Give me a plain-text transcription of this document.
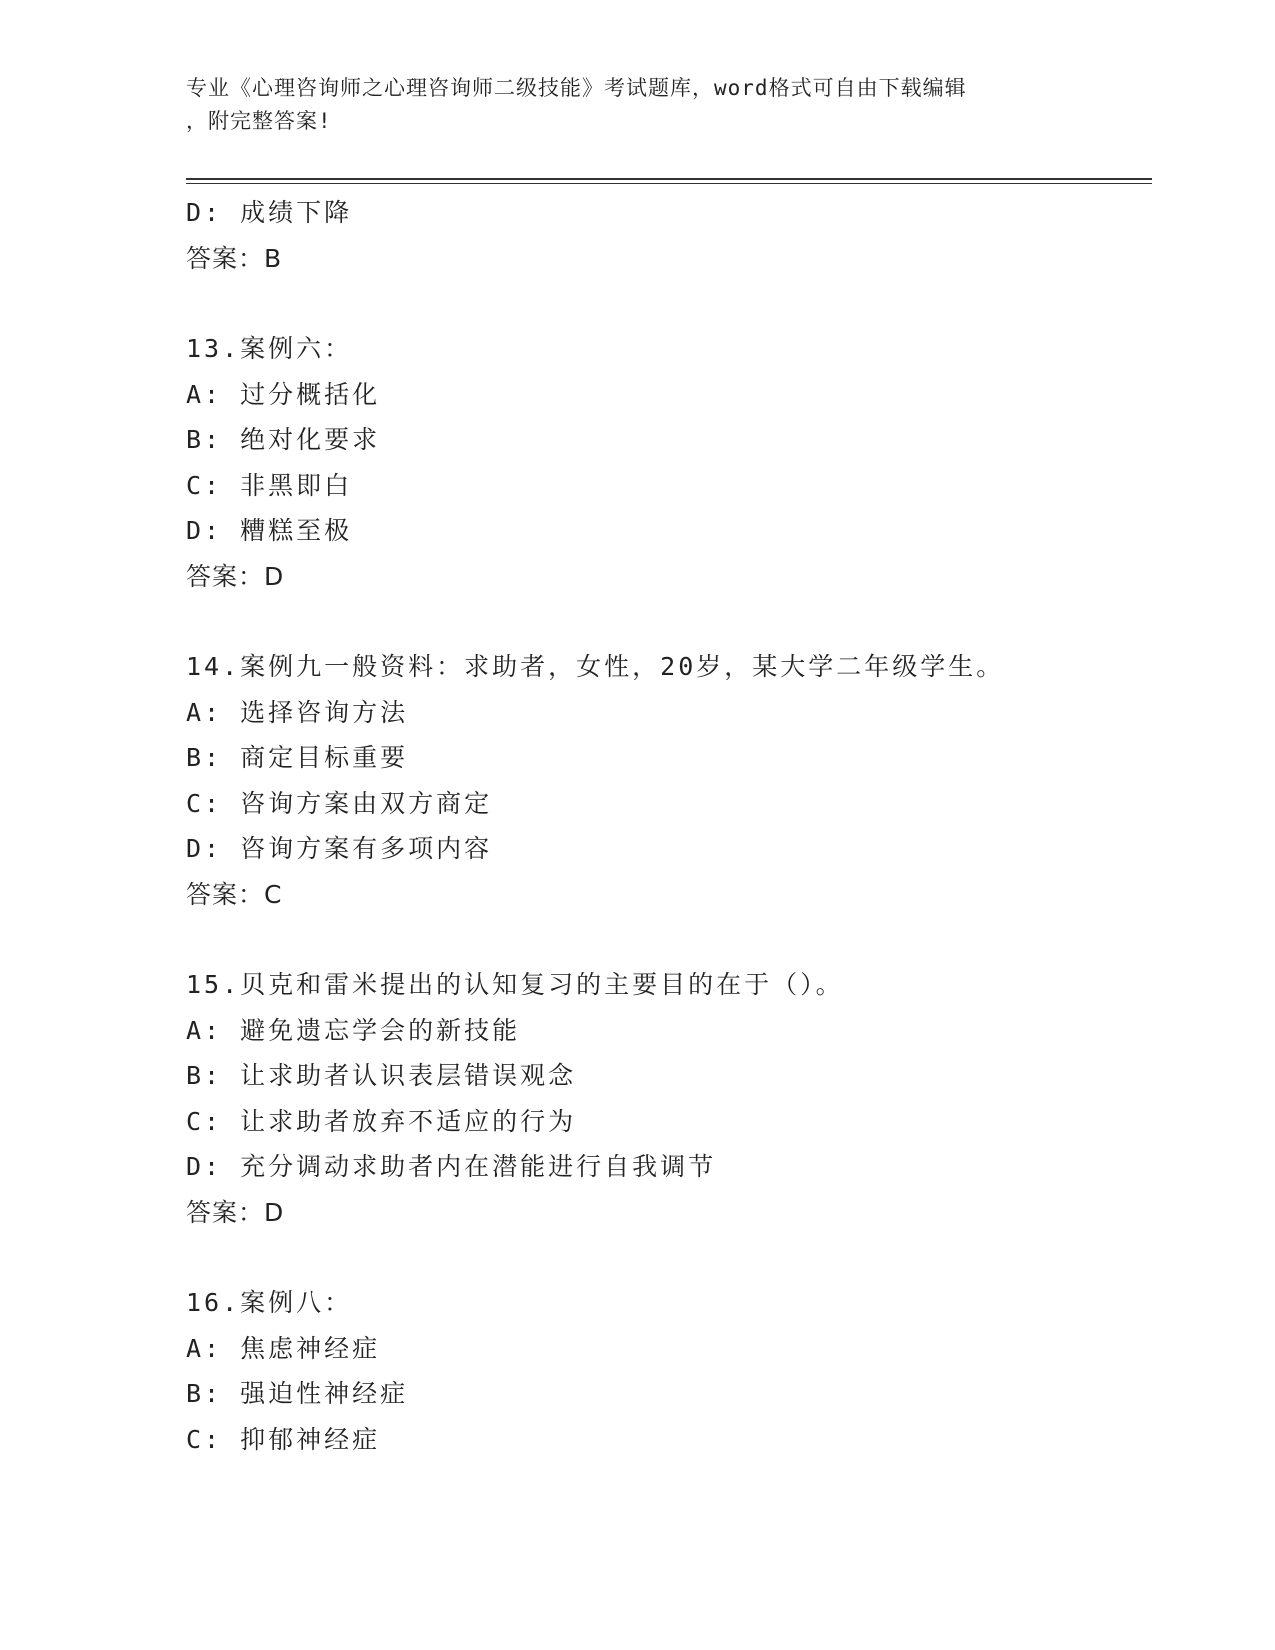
专业《心理咨询师之心理咨询师二级技能》考试题库，word格式可自由下载编辑
，附完整答案!
D: 成绩下降
答案：B
13.案例六：
A: 过分概括化
B: 绝对化要求
C: 非黑即白
D: 糟糕至极
答案：D
14.案例九一般资料：求助者，女性，20岁，某大学二年级学生。
A: 选择咨询方法
B: 商定目标重要
C: 咨询方案由双方商定
D: 咨询方案有多项内容
答案：C
15.贝克和雷米提出的认知复习的主要目的在于（）。
A: 避免遗忘学会的新技能
B: 让求助者认识表层错误观念
C: 让求助者放弃不适应的行为
D: 充分调动求助者内在潜能进行自我调节
答案：D
16.案例八：
A: 焦虑神经症
B: 强迫性神经症
C: 抑郁神经症
